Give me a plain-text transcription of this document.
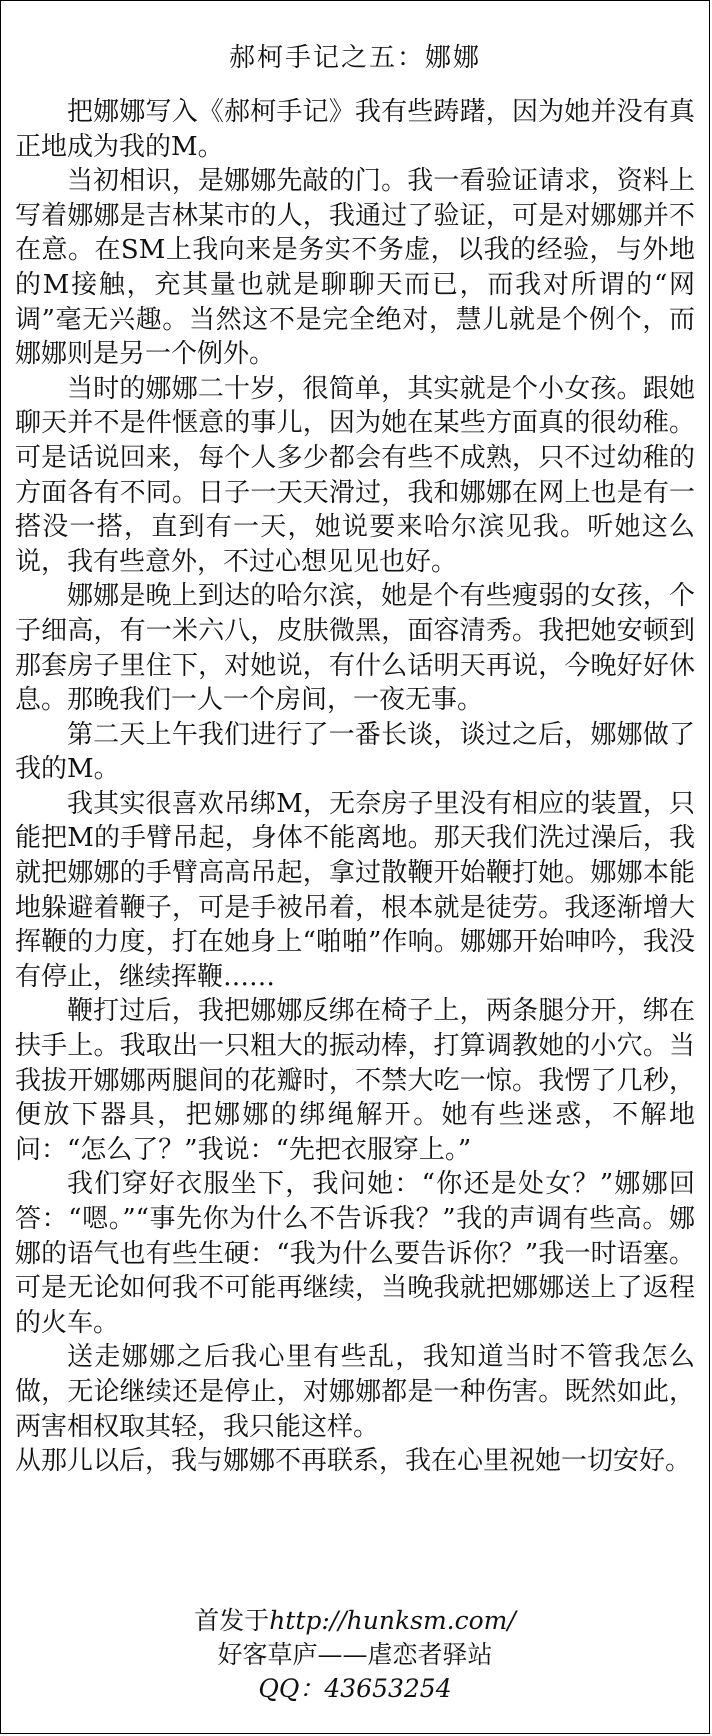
郝柯手记之五：娜娜

把娜娜写入《郝柯手记》我有些踌躇，因为她并没有真正地成为我的M。

当初相识，是娜娜先敲的门。我一看验证请求，资料上写着娜娜是吉林某市的人，我通过了验证，可是对娜娜并不在意。在SM上我向来是务实不务虚，以我的经验，与外地的M接触，充其量也就是聊聊天而已，而我对所谓的“网调”毫无兴趣。当然这不是完全绝对，慧儿就是个例个，而娜娜则是另一个例外。

当时的娜娜二十岁，很简单，其实就是个小女孩。跟她聊天并不是件惬意的事儿，因为她在某些方面真的很幼稚。可是话说回来，每个人多少都会有些不成熟，只不过幼稚的方面各有不同。日子一天天滑过，我和娜娜在网上也是有一搭没一搭，直到有一天，她说要来哈尔滨见我。听她这么说，我有些意外，不过心想见见也好。

娜娜是晚上到达的哈尔滨，她是个有些瘦弱的女孩，个子细高，有一米六八，皮肤微黑，面容清秀。我把她安顿到那套房子里住下，对她说，有什么话明天再说，今晚好好休息。那晚我们一人一个房间，一夜无事。

第二天上午我们进行了一番长谈，谈过之后，娜娜做了我的M。

我其实很喜欢吊绑M，无奈房子里没有相应的装置，只能把M的手臂吊起，身体不能离地。那天我们洗过澡后，我就把娜娜的手臂高高吊起，拿过散鞭开始鞭打她。娜娜本能地躲避着鞭子，可是手被吊着，根本就是徒劳。我逐渐增大挥鞭的力度，打在她身上“啪啪”作响。娜娜开始呻吟，我没有停止，继续挥鞭……

鞭打过后，我把娜娜反绑在椅子上，两条腿分开，绑在扶手上。我取出一只粗大的振动棒，打算调教她的小穴。当我拔开娜娜两腿间的花瓣时，不禁大吃一惊。我愣了几秒，便放下器具，把娜娜的绑绳解开。她有些迷惑，不解地问：“怎么了？”我说：“先把衣服穿上。”

我们穿好衣服坐下，我问她：“你还是处女？”娜娜回答：“嗯。”“事先你为什么不告诉我？”我的声调有些高。娜娜的语气也有些生硬：“我为什么要告诉你？”我一时语塞。可是无论如何我不可能再继续，当晚我就把娜娜送上了返程的火车。

送走娜娜之后我心里有些乱，我知道当时不管我怎么做，无论继续还是停止，对娜娜都是一种伤害。既然如此，两害相权取其轻，我只能这样。

从那儿以后，我与娜娜不再联系，我在心里祝她一切安好。

首发于http://hunksm.com/
好客草庐——虐恋者驿站
QQ：43653254
